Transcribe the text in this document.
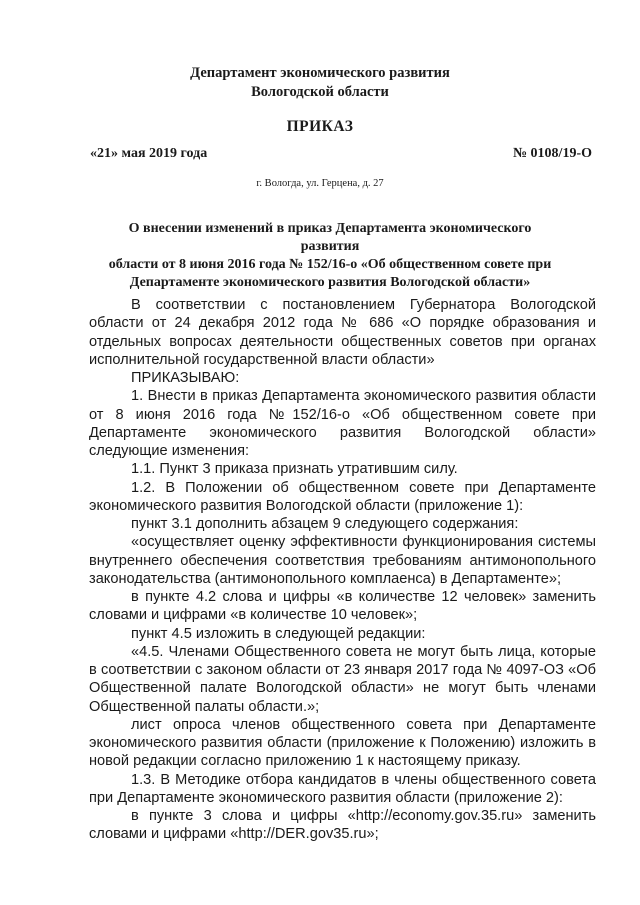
Департамент экономического развития
Вологодской области
ПРИКАЗ
«21» мая 2019 года	№ 0108/19-О
г. Вологда, ул. Герцена, д. 27
О внесении изменений в приказ Департамента экономического развития
области от 8 июня 2016 года № 152/16-о «Об общественном совете при
Департаменте экономического развития Вологодской области»

В соответствии с постановлением Губернатора Вологодской области от 24 декабря 2012 года № 686 «О порядке образования и отдельных вопросах деятельности общественных советов при органах исполнительной государственной власти области»

ПРИКАЗЫВАЮ:

1. Внести в приказ Департамента экономического развития области от 8 июня 2016 года №152/16-о «Об общественном совете при Департаменте экономического развития Вологодской области» следующие изменения:

1.1. Пункт 3 приказа признать утратившим силу.

1.2. В Положении об общественном совете при Департаменте экономического развития Вологодской области (приложение 1):

пункт 3.1 дополнить абзацем 9 следующего содержания:

«осуществляет оценку эффективности функционирования системы внутреннего обеспечения соответствия требованиям антимонопольного законодательства (антимонопольного комплаенса) в Департаменте»;

в пункте 4.2 слова и цифры «в количестве 12 человек» заменить словами и цифрами «в количестве 10 человек»;

пункт 4.5 изложить в следующей редакции:

«4.5. Членами Общественного совета не могут быть лица, которые в соответствии с законом области от 23 января 2017 года № 4097-ОЗ «Об Общественной палате Вологодской области» не могут быть членами Общественной палаты области.»;

лист опроса членов общественного совета при Департаменте экономического развития области (приложение к Положению) изложить в новой редакции согласно приложению 1 к настоящему приказу.

1.3. В Методике отбора кандидатов в члены общественного совета при Департаменте экономического развития области (приложение 2):

в пункте 3 слова и цифры «http://economy.gov.35.ru» заменить словами и цифрами «http://DER.gov35.ru»;
